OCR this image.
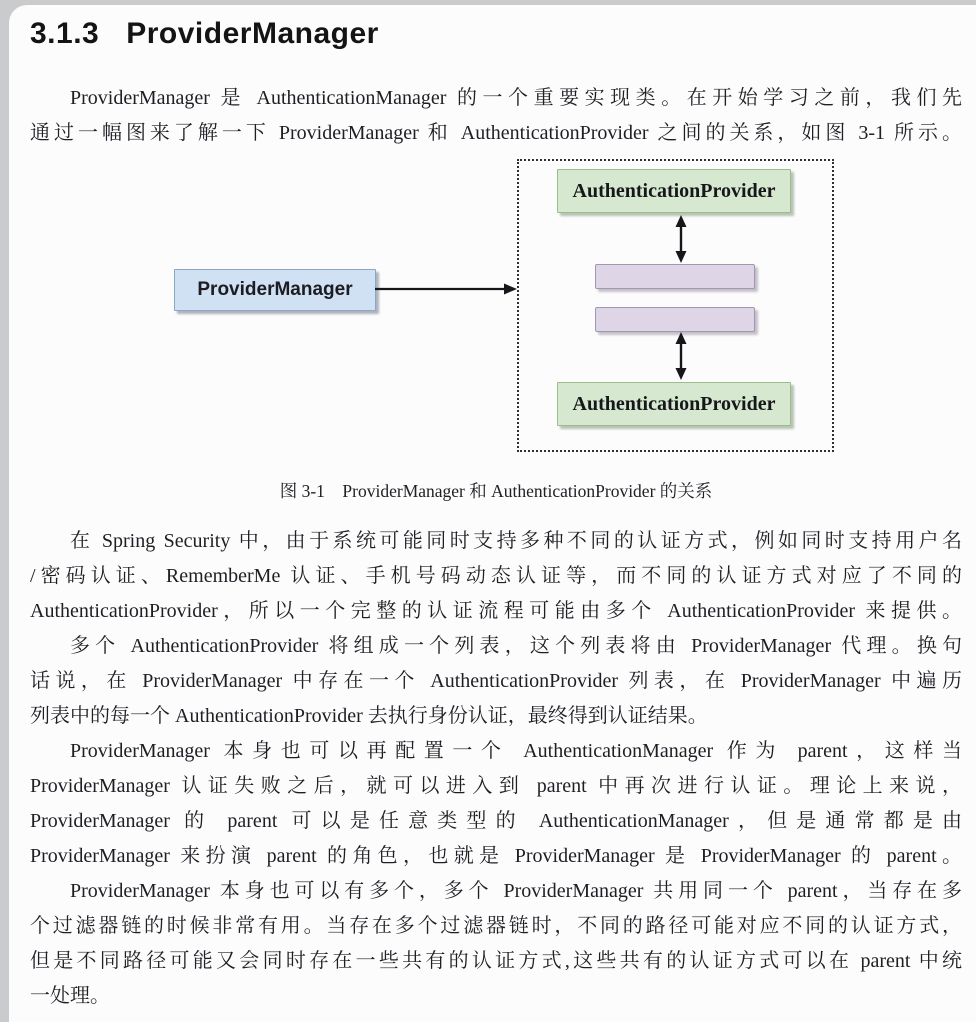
3.1.3 ProviderManager
ProviderManager 是 AuthenticationManager 的一个重要实现类。在开始学习之前，我们先
通过一幅图来了解一下 ProviderManager 和 AuthenticationProvider 之间的关系，如图 3-1 所示。
ProviderManager
AuthenticationProvider
AuthenticationProvider
图 3-1　ProviderManager 和 AuthenticationProvider 的关系
在 Spring Security 中，由于系统可能同时支持多种不同的认证方式，例如同时支持用户名
/密码认证、RememberMe 认证、手机号码动态认证等，而不同的认证方式对应了不同的
AuthenticationProvider，所以一个完整的认证流程可能由多个 AuthenticationProvider 来提供。
多个 AuthenticationProvider 将组成一个列表，这个列表将由 ProviderManager 代理。换句
话说，在 ProviderManager 中存在一个 AuthenticationProvider 列表，在 ProviderManager 中遍历
列表中的每一个 AuthenticationProvider 去执行身份认证，最终得到认证结果。
ProviderManager 本身也可以再配置一个 AuthenticationManager 作为 parent，这样当
ProviderManager 认证失败之后，就可以进入到 parent 中再次进行认证。理论上来说，
ProviderManager 的 parent 可以是任意类型的 AuthenticationManager，但是通常都是由
ProviderManager 来扮演 parent 的角色，也就是 ProviderManager 是 ProviderManager 的 parent。
ProviderManager 本身也可以有多个，多个 ProviderManager 共用同一个 parent，当存在多
个过滤器链的时候非常有用。当存在多个过滤器链时，不同的路径可能对应不同的认证方式，
但是不同路径可能又会同时存在一些共有的认证方式,这些共有的认证方式可以在 parent 中统
一处理。
